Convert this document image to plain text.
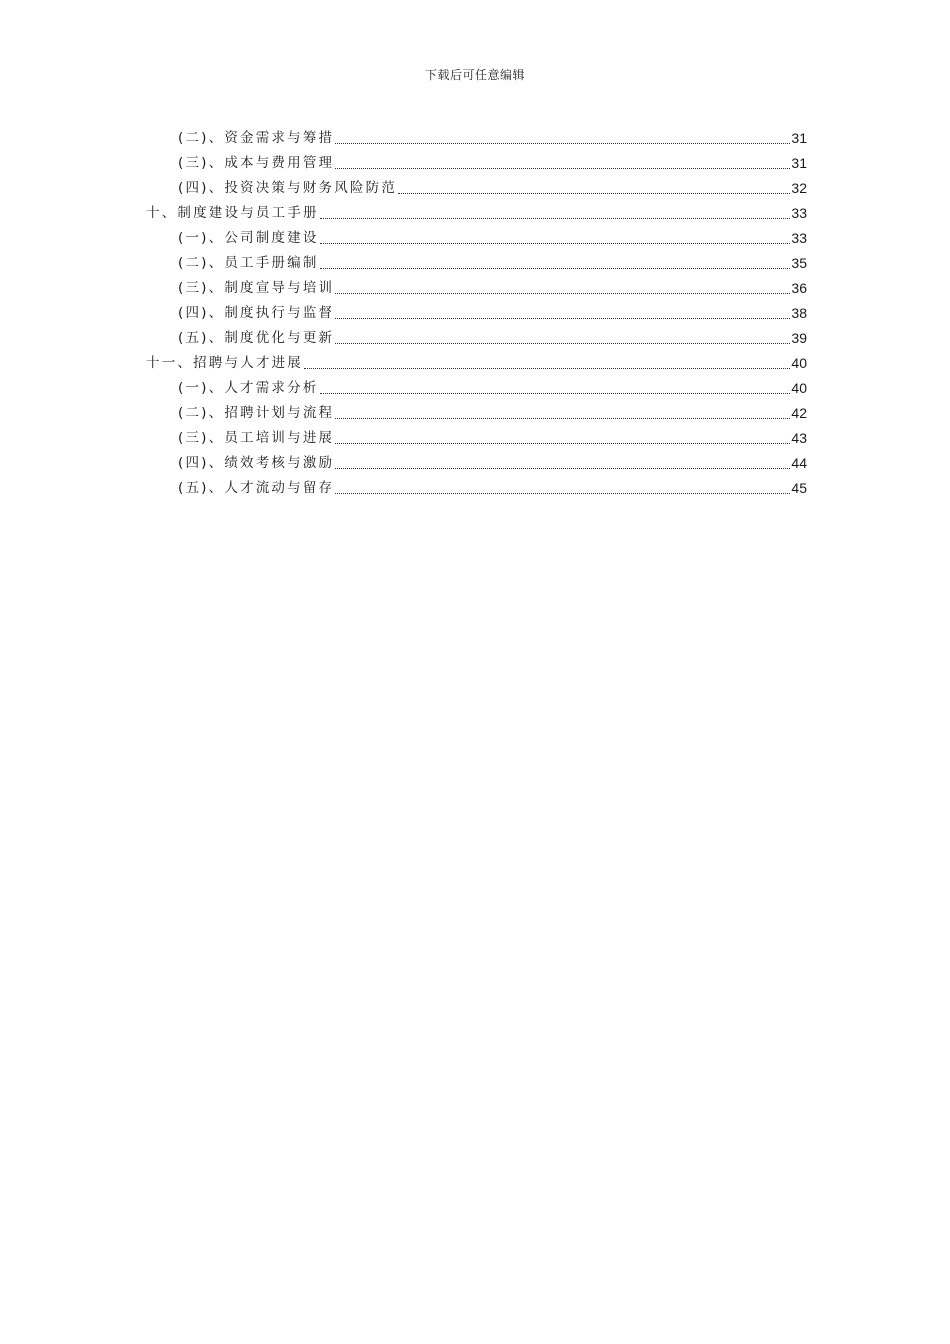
下载后可任意编辑
(二)、资金需求与筹措	31
(三)、成本与费用管理	31
(四)、投资决策与财务风险防范	32
十、制度建设与员工手册	33
(一)、公司制度建设	33
(二)、员工手册编制	35
(三)、制度宣导与培训	36
(四)、制度执行与监督	38
(五)、制度优化与更新	39
十一、招聘与人才进展	40
(一)、人才需求分析	40
(二)、招聘计划与流程	42
(三)、员工培训与进展	43
(四)、绩效考核与激励	44
(五)、人才流动与留存	45
